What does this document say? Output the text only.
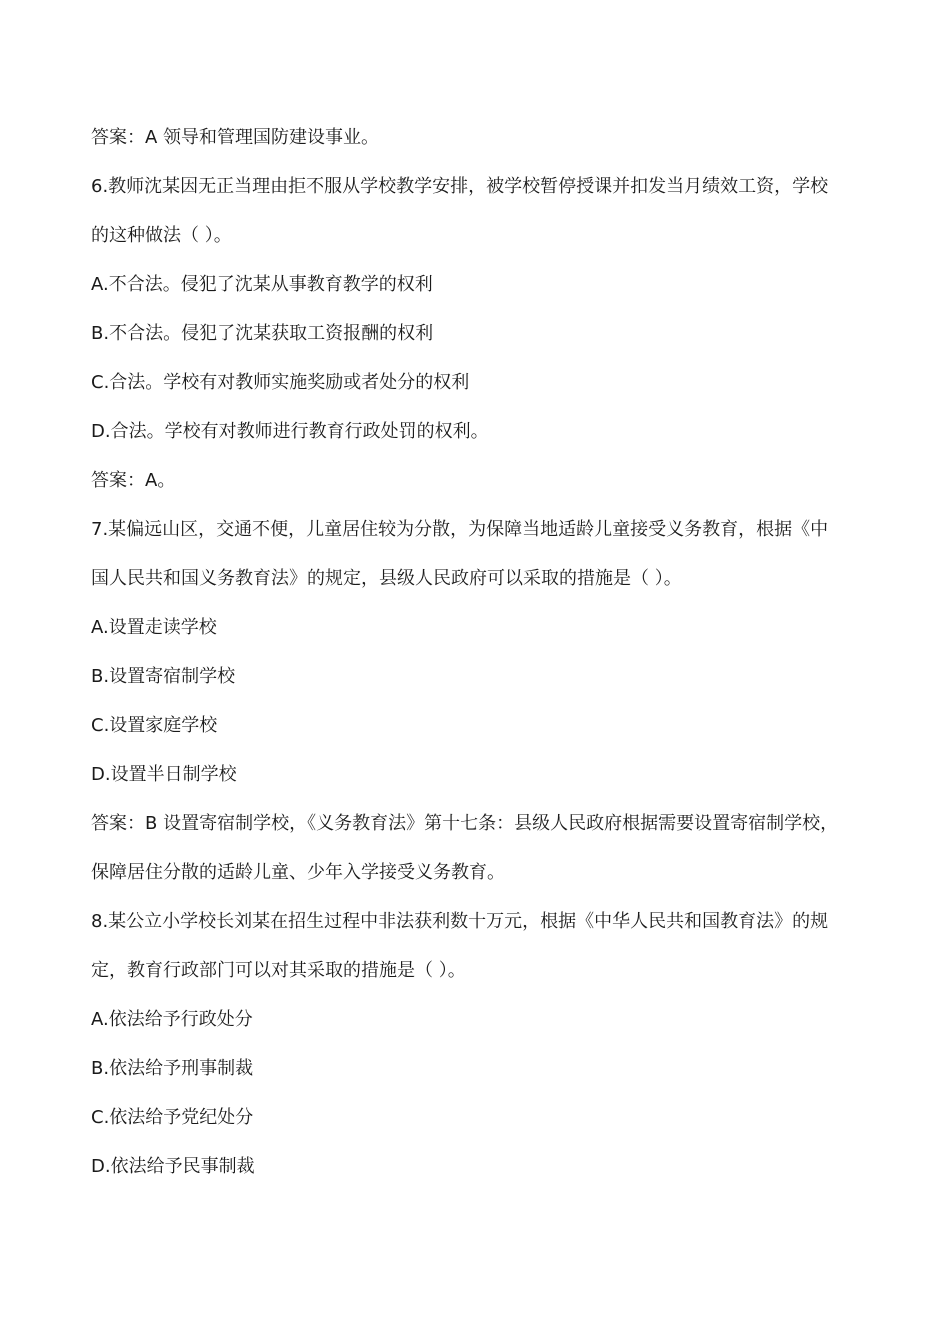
答案：A 领导和管理国防建设事业。

6.教师沈某因无正当理由拒不服从学校教学安排，被学校暂停授课并扣发当月绩效工资，学校

的这种做法（ ）。

A.不合法。侵犯了沈某从事教育教学的权利

B.不合法。侵犯了沈某获取工资报酬的权利

C.合法。学校有对教师实施奖励或者处分的权利

D.合法。学校有对教师进行教育行政处罚的权利。

答案：A。

7.某偏远山区，交通不便，儿童居住较为分散，为保障当地适龄儿童接受义务教育，根据《中

国人民共和国义务教育法》的规定，县级人民政府可以采取的措施是（ ）。

A.设置走读学校

B.设置寄宿制学校

C.设置家庭学校

D.设置半日制学校

答案：B 设置寄宿制学校，《义务教育法》第十七条：县级人民政府根据需要设置寄宿制学校，

保障居住分散的适龄儿童、少年入学接受义务教育。

8.某公立小学校长刘某在招生过程中非法获利数十万元，根据《中华人民共和国教育法》的规

定，教育行政部门可以对其采取的措施是（ ）。

A.依法给予行政处分

B.依法给予刑事制裁

C.依法给予党纪处分

D.依法给予民事制裁
